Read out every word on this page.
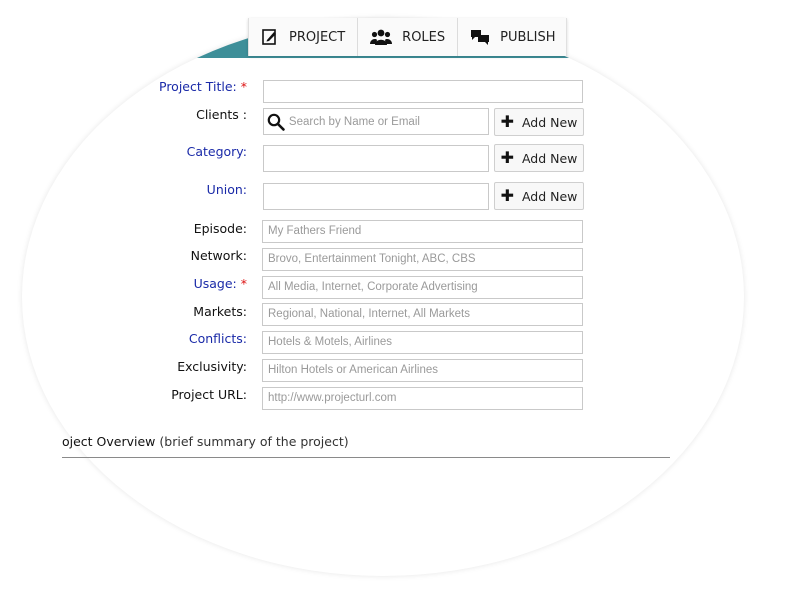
PROJECT	ROLES	PUBLISH
Project Title: *
Clients :
Search by Name or Email	✚ Add New
Category:	✚ Add New
Union:	✚ Add New
Episode:	My Fathers Friend
Network:	Brovo, Entertainment Tonight, ABC, CBS
Usage: *	All Media, Internet, Corporate Advertising
Markets:	Regional, National, Internet, All Markets
Conflicts:	Hotels & Motels, Airlines
Exclusivity:	Hilton Hotels or American Airlines
Project URL:	http://www.projecturl.com
oject Overview (brief summary of the project)
